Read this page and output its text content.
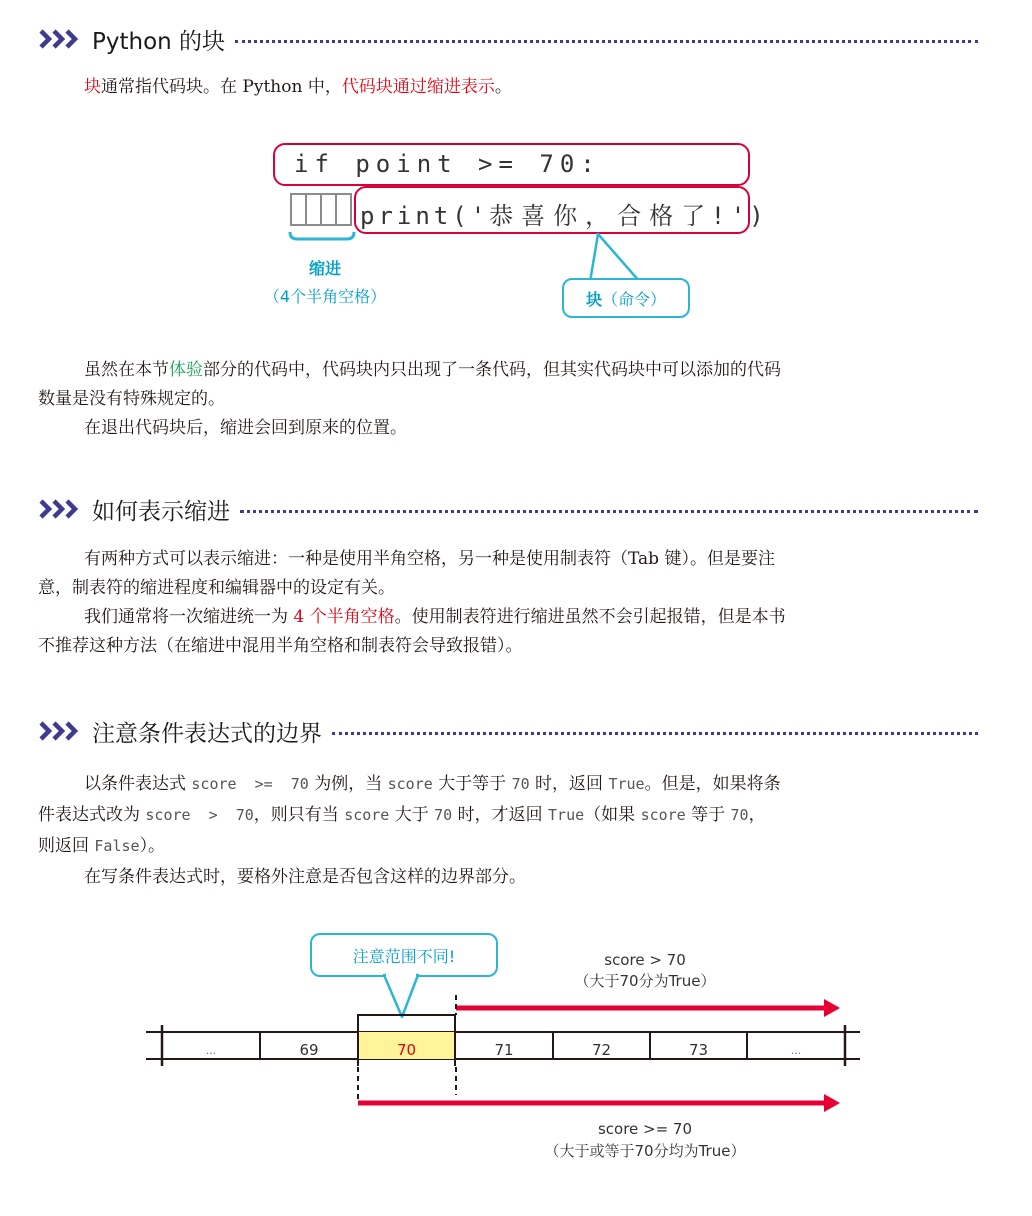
Python 的块
块通常指代码块。在 Python 中，代码块通过缩进表示。
if point >= 70:
print('恭喜你，合格了!')
缩进
（4个半角空格）	块 （命令）
虽然在本节体验部分的代码中，代码块内只出现了一条代码，但其实代码块中可以添加的代码
数量是没有特殊规定的。
在退出代码块后，缩进会回到原来的位置。
如何表示缩进
有两种方式可以表示缩进：一种是使用半角空格，另一种是使用制表符（Tab 键）。但是要注
意，制表符的缩进程度和编辑器中的设定有关。
我们通常将一次缩进统一为 4 个半角空格。使用制表符进行缩进虽然不会引起报错，但是本书
不推荐这种方法（在缩进中混用半角空格和制表符会导致报错）。
注意条件表达式的边界
以条件表达式 score  >=  70 为例，当 score 大于等于 70 时，返回 True。但是，如果将条
件表达式改为 score  >  70，则只有当 score 大于 70 时，才返回 True（如果 score 等于 70，
则返回 False）。
在写条件表达式时，要格外注意是否包含这样的边界部分。
注意范围不同!	score > 70
（大于70分为True）
...	69	70	71	72	73	...
score >= 70
（大于或等于70分均为True）
